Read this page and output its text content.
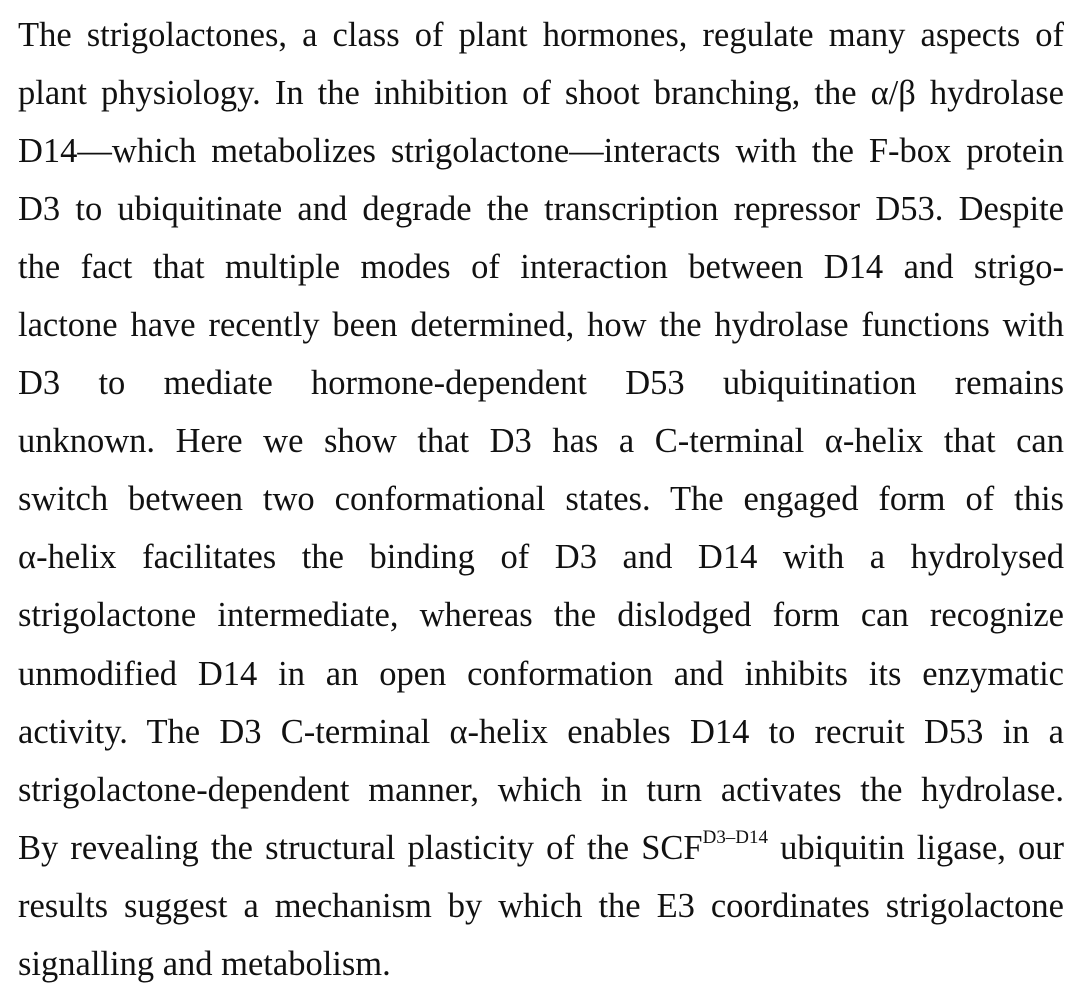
The strigolactones, a class of plant hormones, regulate many aspects of
plant physiology. In the inhibition of shoot branching, the α/β hydrolase
D14—which metabolizes strigolactone—interacts with the F-box protein
D3 to ubiquitinate and degrade the transcription repressor D53. Despite
the fact that multiple modes of interaction between D14 and strigo-
lactone have recently been determined, how the hydrolase functions with
D3 to mediate hormone-dependent D53 ubiquitination remains
unknown. Here we show that D3 has a C-terminal α-helix that can
switch between two conformational states. The engaged form of this
α-helix facilitates the binding of D3 and D14 with a hydrolysed
strigolactone intermediate, whereas the dislodged form can recognize
unmodified D14 in an open conformation and inhibits its enzymatic
activity. The D3 C-terminal α-helix enables D14 to recruit D53 in a
strigolactone-dependent manner, which in turn activates the hydrolase.
By revealing the structural plasticity of the $SCF^{D3-D14}$ ubiquitin ligase, our
results suggest a mechanism by which the E3 coordinates strigolactone
signalling and metabolism.
